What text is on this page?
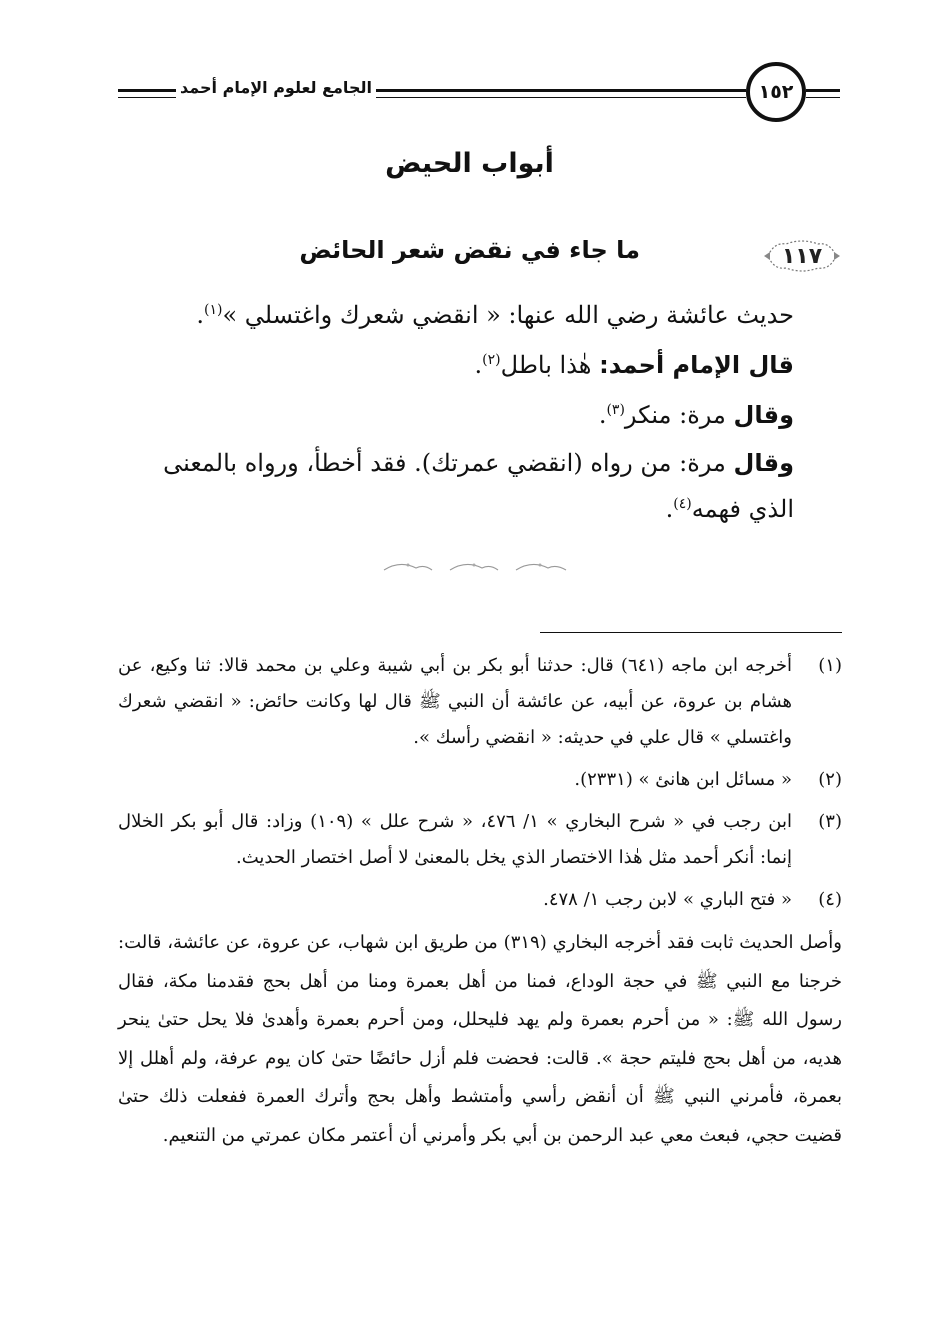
الجامع لعلوم الإمام أحمد	١٥٢
أبواب الحيض
١١٧
ما جاء في نقض شعر الحائض

حديث عائشة رضي الله عنها: « انقضي شعرك واغتسلي »$^{(١)}$.

قال الإمام أحمد: هٰذا باطل$^{(٢)}$.

وقال مرة: منكر$^{(٣)}$.

وقال مرة: من رواه (انقضي عمرتك). فقد أخطأ، ورواه بالمعنى الذي فهمه$^{(٤)}$.

(١)
أخرجه ابن ماجه (٦٤١) قال: حدثنا أبو بكر بن أبي شيبة وعلي بن محمد قالا: ثنا وكيع، عن هشام بن عروة، عن أبيه، عن عائشة أن النبي ﷺ قال لها وكانت حائض: « انقضي شعرك واغتسلي » قال علي في حديثه: « انقضي رأسك ».
(٢)
« مسائل ابن هانئ » (٢٣٣١).
(٣)
ابن رجب في « شرح البخاري » ١/ ٤٧٦، « شرح علل » (١٠٩) وزاد: قال أبو بكر الخلال إنما: أنكر أحمد مثل هٰذا الاختصار الذي يخل بالمعنىٰ لا أصل اختصار الحديث.
(٤)
« فتح الباري » لابن رجب ١/ ٤٧٨.

وأصل الحديث ثابت فقد أخرجه البخاري (٣١٩) من طريق ابن شهاب، عن عروة، عن عائشة، قالت: خرجنا مع النبي ﷺ في حجة الوداع، فمنا من أهل بعمرة ومنا من أهل بحج فقدمنا مكة، فقال رسول الله ﷺ: « من أحرم بعمرة ولم يهد فليحلل، ومن أحرم بعمرة وأهدىٰ فلا يحل حتىٰ ينحر هديه، من أهل بحج فليتم حجة ». قالت: فحضت فلم أزل حائضًا حتىٰ كان يوم عرفة، ولم أهلل إلا بعمرة، فأمرني النبي ﷺ أن أنقض رأسي وأمتشط وأهل بحج وأترك العمرة ففعلت ذلك حتىٰ قضيت حجي، فبعث معي عبد الرحمن بن أبي بكر وأمرني أن أعتمر مكان عمرتي من التنعيم.
